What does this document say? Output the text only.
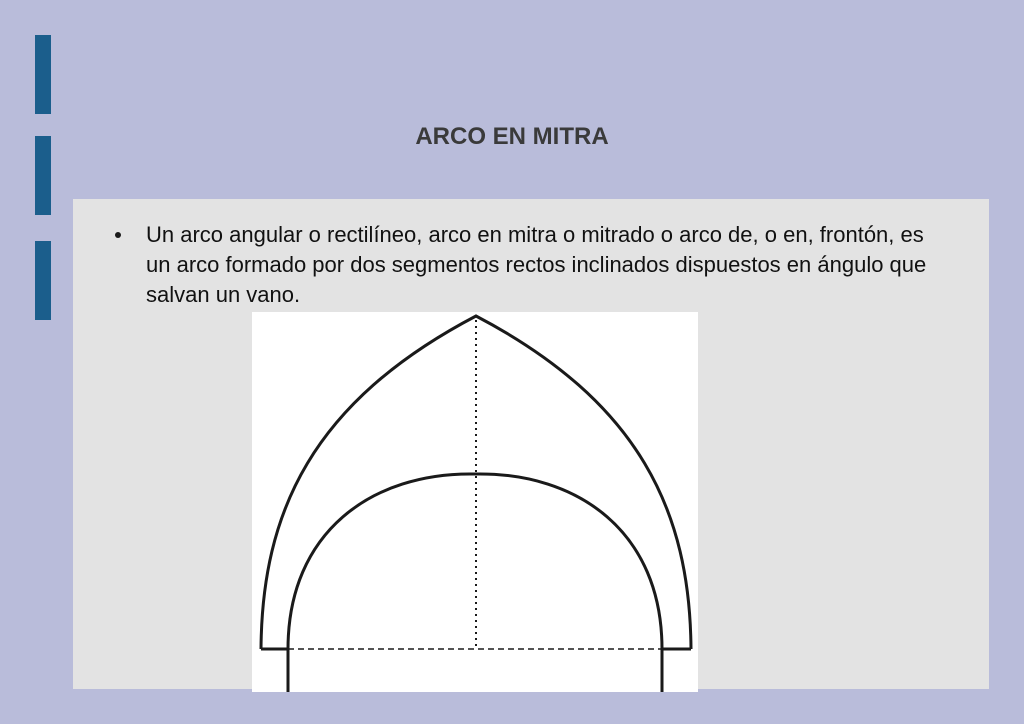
ARCO EN MITRA
Un arco angular o rectilíneo, arco en mitra o mitrado o arco de, o en, frontón, es un arco formado por dos segmentos rectos inclinados dispuestos en ángulo que salvan un vano.
